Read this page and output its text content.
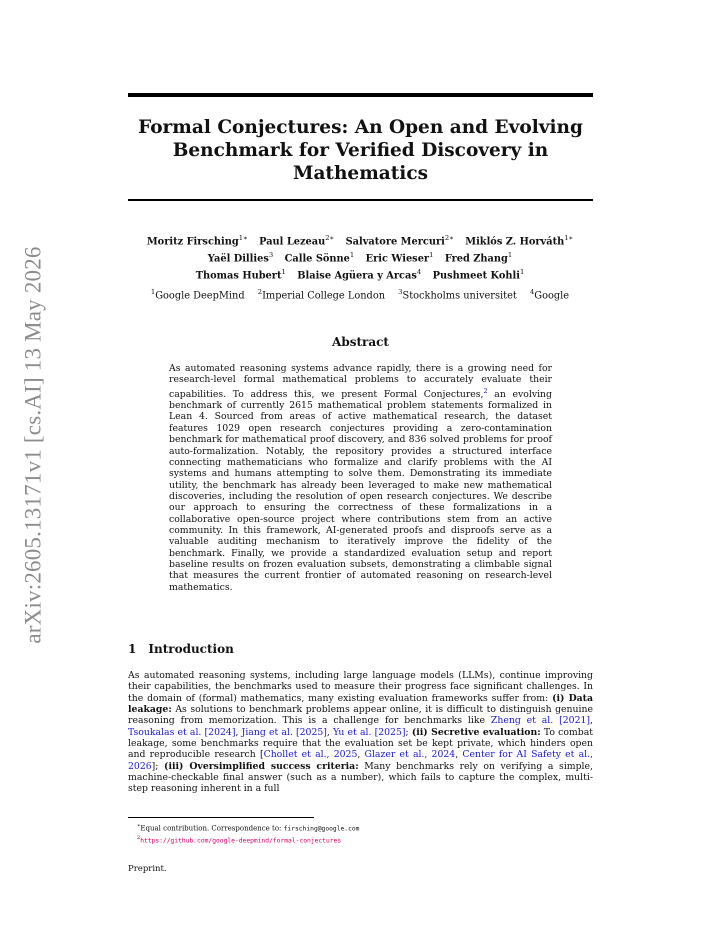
arXiv:2605.13171v1 [cs.AI] 13 May 2026
Formal Conjectures: An Open and Evolving
Benchmark for Verified Discovery in
Mathematics
Moritz Firsching$^{1∗}$ Paul Lezeau$^{2∗}$ Salvatore Mercuri$^{2∗}$ Miklós Z. Horváth$^{1∗}$
Yaël Dillies$^3$ Calle Sönne$^1$ Eric Wieser$^1$ Fred Zhang$^1$
Thomas Hubert$^1$ Blaise Agüera y Arcas$^4$ Pushmeet Kohli$^1$
$^1$Google DeepMind $^2$Imperial College London $^3$Stockholms universitet $^4$Google
Abstract
As automated reasoning systems advance rapidly, there is a growing need for research-level formal mathematical problems to accurately evaluate their capabilities. To address this, we present Formal Conjectures,$^2$ an evolving benchmark of currently 2615 mathematical problem statements formalized in Lean 4. Sourced from areas of active mathematical research, the dataset features 1029 open research conjectures providing a zero-contamination benchmark for mathematical proof discovery, and 836 solved problems for proof auto-formalization. Notably, the repository provides a structured interface connecting mathematicians who formalize and clarify problems with the AI systems and humans attempting to solve them. Demonstrating its immediate utility, the benchmark has already been leveraged to make new mathematical discoveries, including the resolution of open research conjectures. We describe our approach to ensuring the correctness of these formalizations in a collaborative open-source project where contributions stem from an active community. In this framework, AI-generated proofs and disproofs serve as a valuable auditing mechanism to iteratively improve the fidelity of the benchmark. Finally, we provide a standardized evaluation setup and report baseline results on frozen evaluation subsets, demonstrating a climbable signal that measures the current frontier of automated reasoning on research-level mathematics.
1 Introduction
As automated reasoning systems, including large language models (LLMs), continue improving their capabilities, the benchmarks used to measure their progress face significant challenges. In the domain of (formal) mathematics, many existing evaluation frameworks suffer from: (i) Data leakage: As solutions to benchmark problems appear online, it is difficult to distinguish genuine reasoning from memorization. This is a challenge for benchmarks like Zheng et al. [2021], Tsoukalas et al. [2024], Jiang et al. [2025], Yu et al. [2025]; (ii) Secretive evaluation: To combat leakage, some benchmarks require that the evaluation set be kept private, which hinders open and reproducible research [Chollet et al., 2025, Glazer et al., 2024, Center for AI Safety et al., 2026]; (iii) Oversimplified success criteria: Many benchmarks rely on verifying a simple, machine-checkable final answer (such as a number), which fails to capture the complex, multi-step reasoning inherent in a full
∗Equal contribution. Correspondence to: firsching@google.com
$^2$https://github.com/google-deepmind/formal-conjectures
Preprint.
